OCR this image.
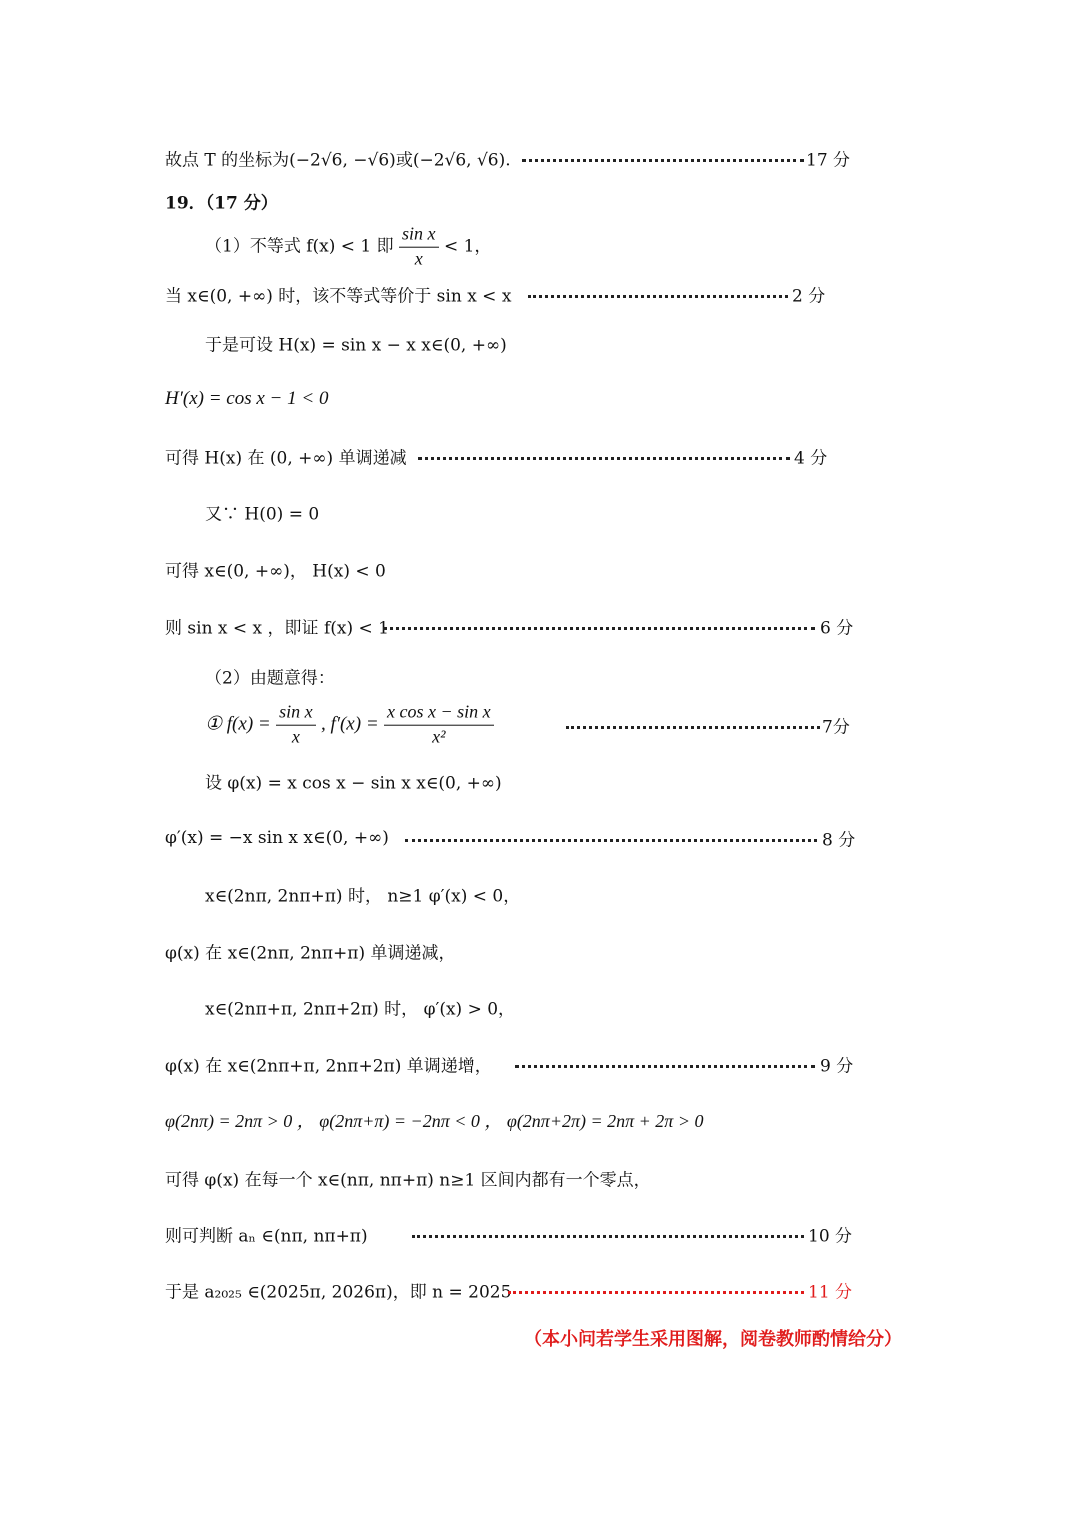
故点 T 的坐标为(−2√6, −√6)或(−2√6, √6).	17 分
19．（17 分）
（1）不等式 f(x) < 1 即 $\frac{\text{sin x}}{x} < 1$，
当 x∈(0, +∞) 时，该不等式等价于 sin x < x	2 分
于是可设 H(x) = sin x − x x∈(0, +∞)
H′(x) = cos x − 1 < 0
可得 H(x) 在 (0, +∞) 单调递减	4 分
又∵ H(0) = 0
可得 x∈(0, +∞)， H(x) < 0
则 sin x < x ，即证 f(x) < 1	6 分
（2）由题意得：
① $f(x) = \frac{\text{sin x}}{x}$ , $f'(x) = \frac{\text{x cos x − sin x}}{\text{x²}}$	7分
设 φ(x) = x cos x − sin x x∈(0, +∞)
φ′(x) = −x sin x x∈(0, +∞)	8 分
x∈(2nπ, 2nπ+π) 时， n≥1 φ′(x) < 0，
φ(x) 在 x∈(2nπ, 2nπ+π) 单调递减，
x∈(2nπ+π, 2nπ+2π) 时， φ′(x) > 0，
φ(x) 在 x∈(2nπ+π, 2nπ+2π) 单调递增，	9 分
φ(2nπ) = 2nπ > 0 ， φ(2nπ+π) = −2nπ < 0 ， φ(2nπ+2π) = 2nπ + 2π > 0
可得 φ(x) 在每一个 x∈(nπ, nπ+π) n≥1 区间内都有一个零点，
则可判断 aₙ ∈(nπ, nπ+π)	10 分
于是 a₂₀₂₅ ∈(2025π, 2026π)，即 n = 2025	11 分
（本小问若学生采用图解，阅卷教师酌情给分）
